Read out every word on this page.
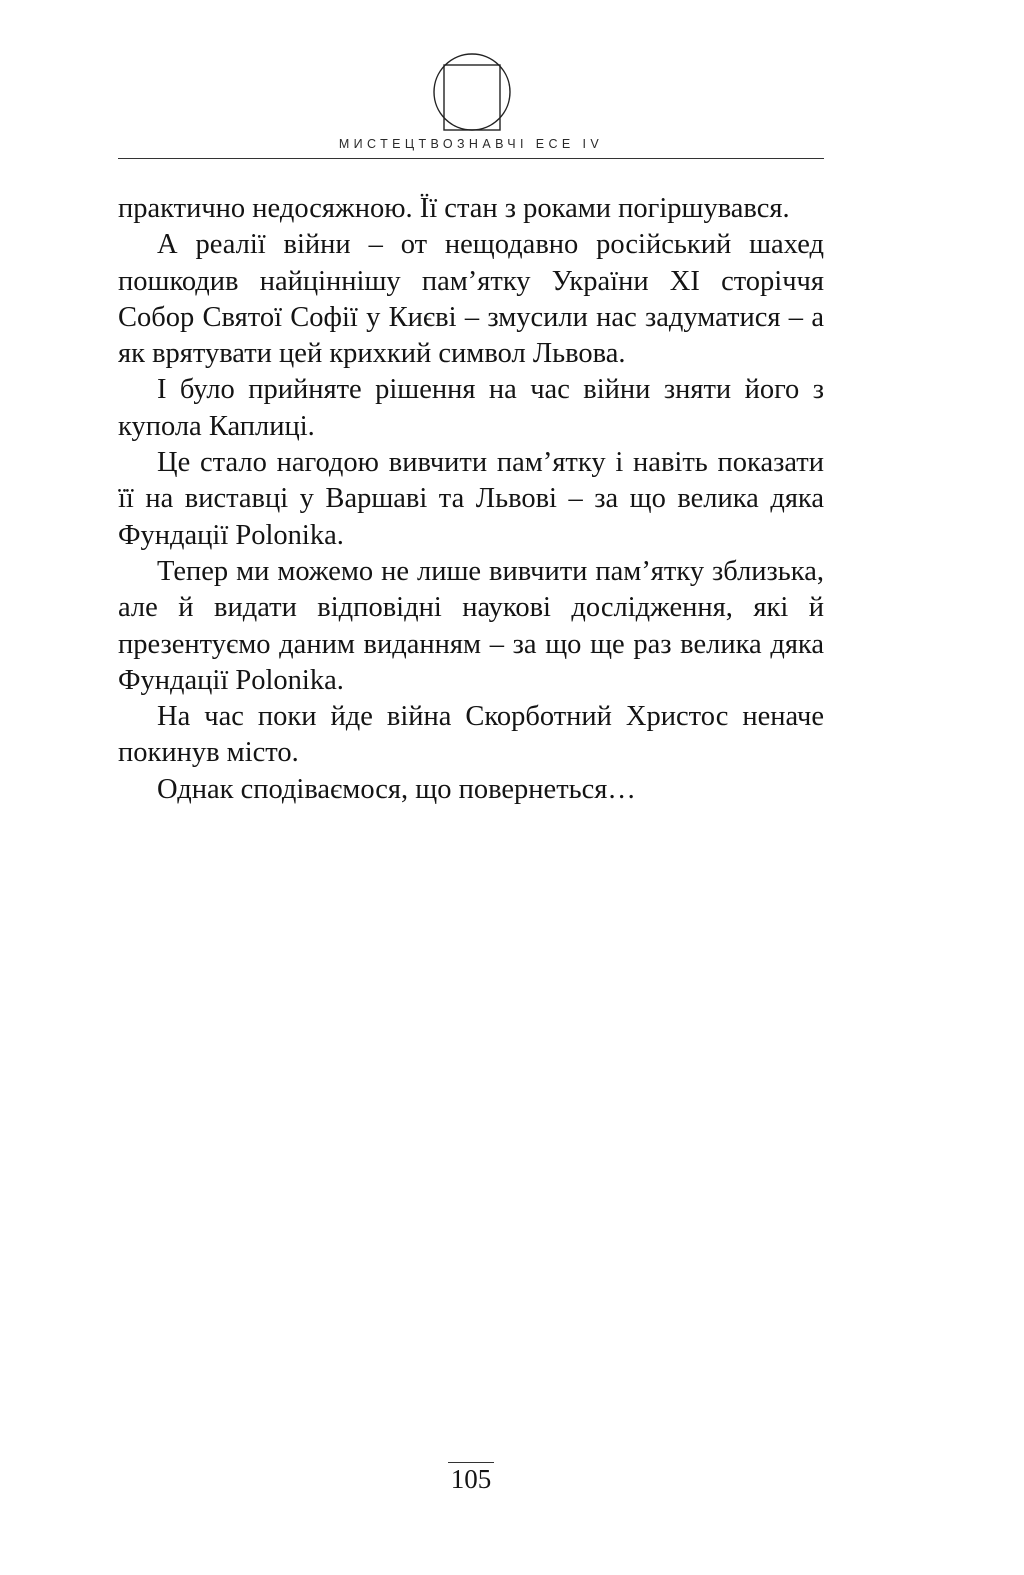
МИСТЕЦТВОЗНАВЧІ ЕСЕ IV

практично недосяжною. Її стан з роками погіршувався.

А реалії війни – от нещодавно російський шахед пошкодив найціннішу пам’ятку України XI сторіччя Собор Святої Софії у Києві – змусили нас задуматися – а як врятувати цей крихкий символ Львова.

І було прийняте рішення на час війни зняти його з купола Каплиці.

Це стало нагодою вивчити пам’ятку і навіть показати її на виставці у Варшаві та Львові – за що велика дяка Фундації Polonika.

Тепер ми можемо не лише вивчити пам’ятку зблизька, але й видати відповідні наукові дослідження, які й презентуємо даним виданням – за що ще раз велика дяка Фундації Polonika.

На час поки йде війна Скорботний Христос неначе покинув місто.

Однак сподіваємося, що повернеться…

105
